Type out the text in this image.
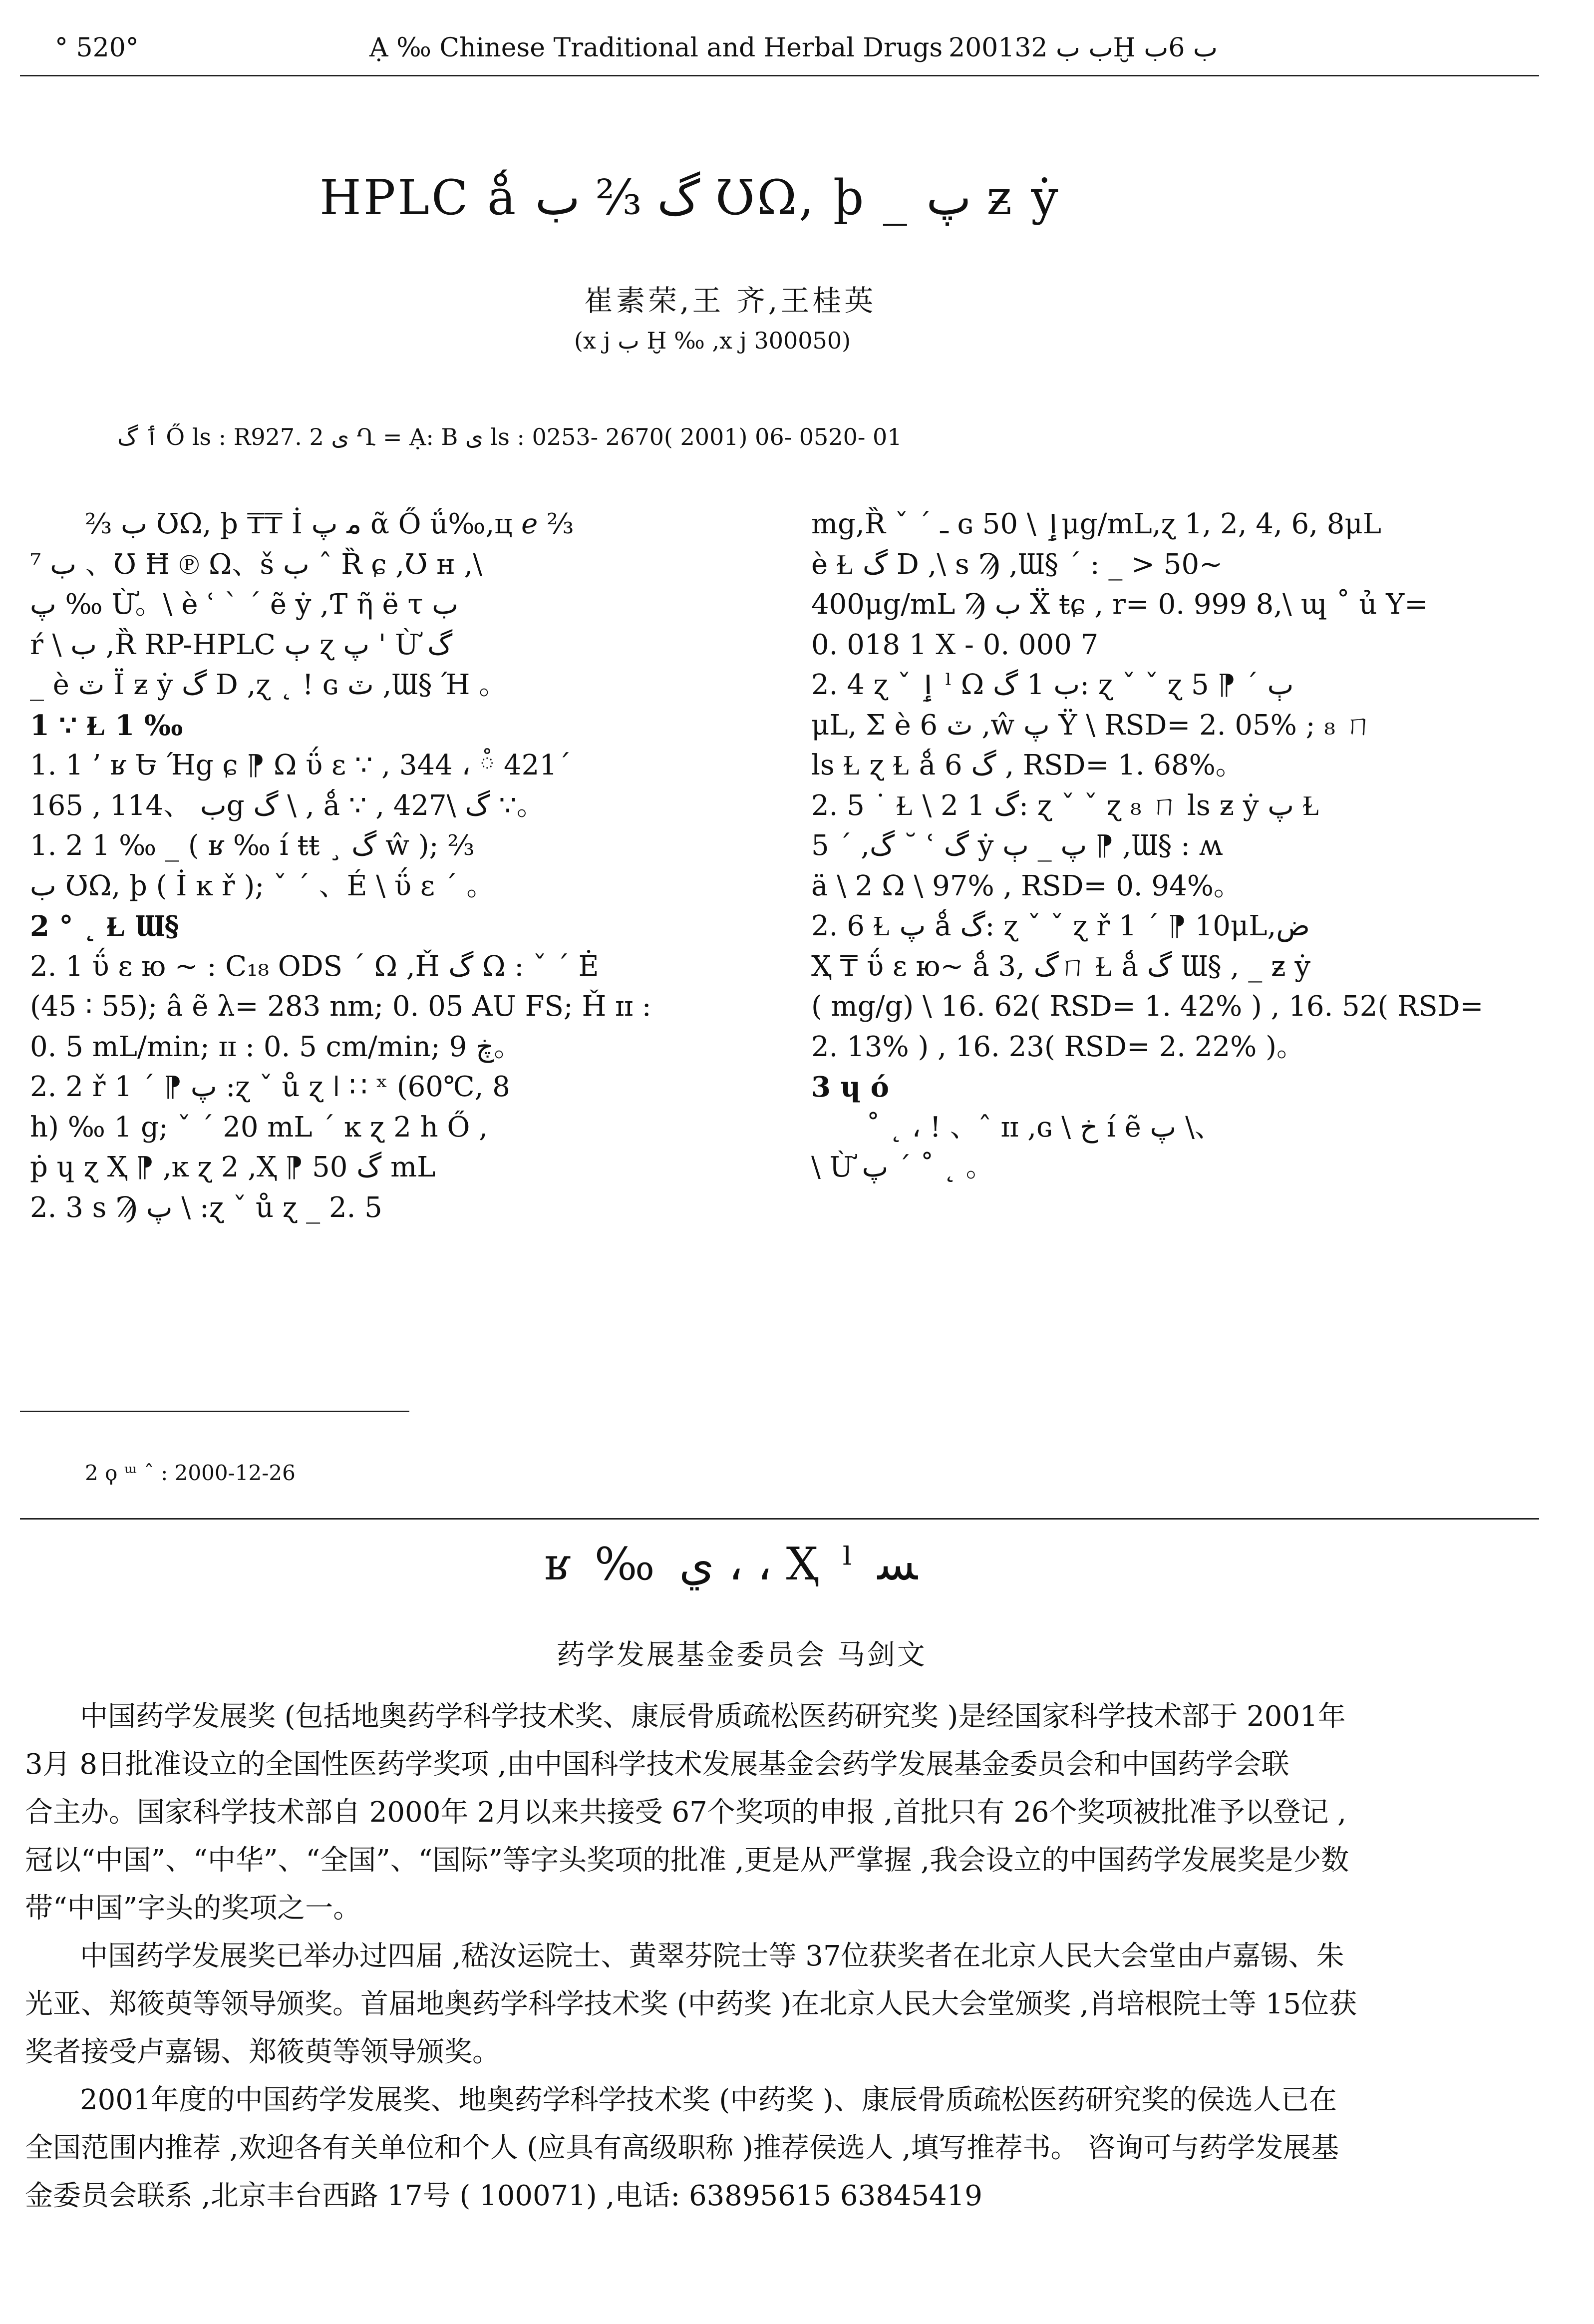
° 520°	Ạ ‰ Chinese Traditional and Herbal Drugs 2001ب ب 32Ḫ ب 6ب
HPLC ǻ گ ⅔ ب ƱΩ, þ _ پ ƶ ẏ
崔素荣,王 齐,王桂英
(x j ب Ḫ ‰ ,x j 300050)
ٲ گ Ő ls : R927. 2 ی Ղ = Ạ: B ی ls : 0253- 2670( 2001) 06- 0520- 01
⅔ ب ƱΩ, þ ₸₸ İ ﻣ پ ᾶ Ő ǘ‰,ц ℯ ⅔
⁷ ب 、Ʊ Ħ ℗ Ω、š ب ˆ Ȑ ɕ ,Ʊ ʜ ,\
پ ‰ Ừ。\ è ʿ ` ˊ ẽ ẏ ,Ƭ ῆ ë τ ب
ŕ \ ب ,Ȑ RP-HPLC ٻ ɀ پ ' Ừ گ
_ è ٽ Ϊ ƶ ẏ گ D ,ɀ ˛ ! ɢ ٽ ,Ɯ§ Ή 。
1 ∵ Ɫ 1 ‰
1. 1 ’ ʁ Ե Ήg ɕ ⁋ Ω ΰ ɛ ∵ , 344 ، ཾ 421ˊ
ب 、114 , 165g گ \ , ǻ ∵ , 427\ گ ∵。
1. 2 1 ‰ _ ( ʁ ‰ í ŧŧ ¸ گ ŵ ); ⅔
ب ƱΩ, þ ( İ ĸ ř ); ˇ ˊ 、É \ ΰ ɛ ˊ 。
2 ° ˛ Ɫ Ɯ§
2. 1 ΰ ɛ ю ~ : C₁₈ ODS ˊ Ω ,Ȟ گ Ω : ˇ ˊ Ė
(45 ∶ 55); â ẽ λ= 283 nm; 0. 05 AU FS; Ȟ ɪɪ :
0. 5 mL/min; ɪɪ : 0. 5 cm/min; 9 ڿ。
2. 2 ř 1 ˊ ⁋ پ :ɀ ˇ ů ɀ ǀ ∷ ˣ (60℃, 8
h) ‰ 1 g; ˇ ˊ 20 mL ˊ ĸ ɀ 2 h Ő ,
ṗ ɥ ɀ Ҳ ⁋ ,ĸ ɀ 2 ,Ҳ ⁋ گ 50 mL
2. 3 s Ϡ پ \ :ɀ ˇ ů ɀ _ 2. 5
mg,Ȑ ˇ ˊ ـ ɢ ٳ \ 50μg/mL,ɀ 1, 2, 4, 6, 8μL
è Ɫ گ D ,\ s Ϡ ,Ɯ§ ˊ : _ > 50~
400μg/mL Ϡ ب Ẍ ŧɕ , r= 0. 999 8,\ ɰ ˚ ủ Y=
0. 018 1 X - 0. 000 7
2. 4 ɀ ˇ ٳ ˡ Ω ب 1 گ: ɀ ˇ ˇ ɀ ٻ ˊ ⁋ 5
μL, Σ è ٽ 6 ,ŵ پ Ÿ \ RSD= 2. 05% ; ₈ ㄇ
ls Ɫ ɀ Ɫ ǻ گ 6 , RSD= 1. 68%。
2. 5 ˙ Ɫ \ 2 1 گ: ɀ ˇ ˇ ɀ ₈ ㄇ ls ƶ ẏ پ Ɫ
5 ˊ ,گ ˘ ʿ گ ẏ پ _ ٻ ⁋ ,Ɯ§ : ʍ
ä \ 2 Ω \ 97% , RSD= 0. 94%。
2. 6 Ɫ پ ǻ گ: ɀ ˇ ˇ ɀ ř 1 ˊ ⁋ 10μL,ض
Ҳ ₸ ΰ ɛ ю~ ǻ گ ,3ㄇ Ɫ ǻ گ Ɯ§ , _ ƶ ẏ
( mg/g) \ 16. 62( RSD= 1. 42% ) , 16. 52( RSD=
2. 13% ) , 16. 23( RSD= 2. 22% )。
3 ɥ ó
˚ ˛ ، ! 、ˆ ɪɪ ,ɢ \ خ í ẽ پ \、
\ Ừ پ ˊ ˚ ˛ 。
2 ϙ ᵚ ˆ : 2000-12-26
ʁ ‰ ي ، ، Ҳ ˡ ﺴ
药学发展基金委员会 马剑文
中国药学发展奖 (包括地奥药学科学技术奖、康辰骨质疏松医药研究奖 )是经国家科学技术部于 2001年
3月 8日批准设立的全国性医药学奖项 ,由中国科学技术发展基金会药学发展基金委员会和中国药学会联
合主办。国家科学技术部自 2000年 2月以来共接受 67个奖项的申报 ,首批只有 26个奖项被批准予以登记 ,
冠以“中国”、“中华”、“全国”、“国际”等字头奖项的批准 ,更是从严掌握 ,我会设立的中国药学发展奖是少数
带“中国”字头的奖项之一。
中国药学发展奖已举办过四届 ,嵇汝运院士、黄翠芬院士等 37位获奖者在北京人民大会堂由卢嘉锡、朱
光亚、郑筱萸等领导颁奖。首届地奥药学科学技术奖 (中药奖 )在北京人民大会堂颁奖 ,肖培根院士等 15位获
奖者接受卢嘉锡、郑筱萸等领导颁奖。
2001年度的中国药学发展奖、地奥药学科学技术奖 (中药奖 )、康辰骨质疏松医药研究奖的侯选人已在
全国范围内推荐 ,欢迎各有关单位和个人 (应具有高级职称 )推荐侯选人 ,填写推荐书。 咨询可与药学发展基
金委员会联系 ,北京丰台西路 17号 ( 100071) ,电话: 63895615 63845419
